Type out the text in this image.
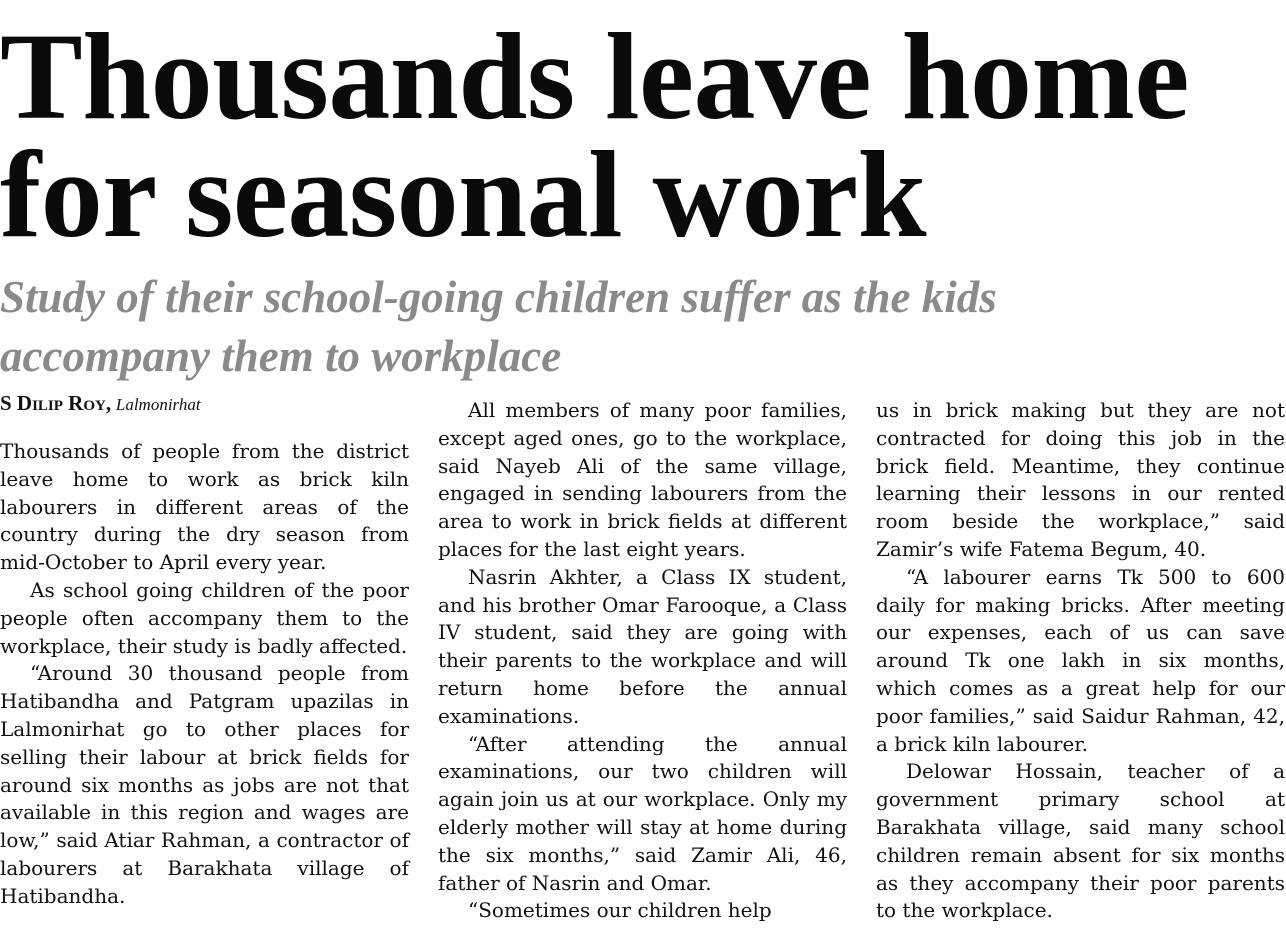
Thousands leave home
for seasonal work
Study of their school-going children suffer as the kids
accompany them to workplace
S Dilip Roy, Lalmonirhat

Thousands of people from the district leave home to work as brick kiln labourers in different areas of the country during the dry season from mid-October to April every year.

As school going children of the poor people often accompany them to the workplace, their study is badly affected.

“Around 30 thousand people from Hatibandha and Patgram upazilas in Lalmonirhat go to other places for selling their labour at brick fields for around six months as jobs are not that available in this region and wages are low,” said Atiar Rahman, a contractor of labourers at Barakhata village of Hatibandha.

All members of many poor families, except aged ones, go to the workplace, said Nayeb Ali of the same village, engaged in sending labourers from the area to work in brick fields at different places for the last eight years.

Nasrin Akhter, a Class IX student, and his brother Omar Farooque, a Class IV student, said they are going with their parents to the workplace and will return home before the annual examinations.

“After attending the annual examinations, our two children will again join us at our workplace. Only my elderly mother will stay at home during the six months,” said Zamir Ali, 46, father of Nasrin and Omar.

“Sometimes our children help

us in brick making but they are not contracted for doing this job in the brick field. Meantime, they continue learning their lessons in our rented room beside the workplace,” said Zamir’s wife Fatema Begum, 40.

“A labourer earns Tk 500 to 600 daily for making bricks. After meeting our expenses, each of us can save around Tk one lakh in six months, which comes as a great help for our poor families,” said Saidur Rahman, 42, a brick kiln labourer.

Delowar Hossain, teacher of a government primary school at Barakhata village, said many school children remain absent for six months as they accompany their poor parents to the workplace.
